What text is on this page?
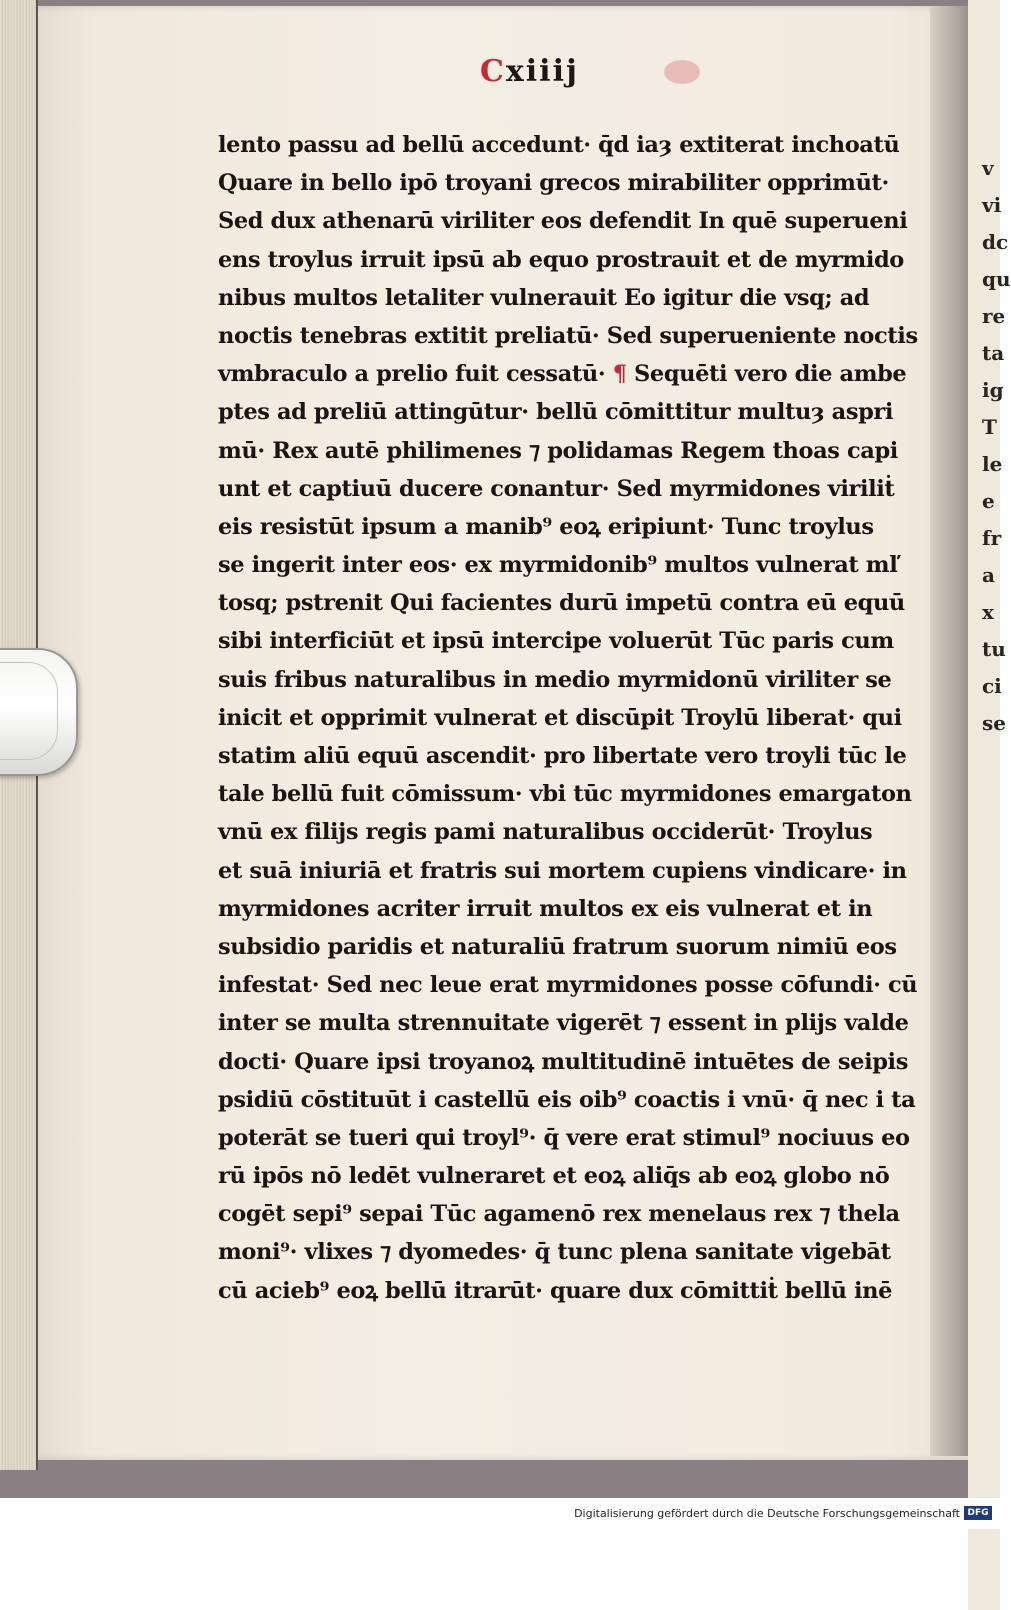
v
vi
dc
qu
re
ta
ig
T
le
e
fr
a
x
tu
ci
se
Cxiiij
lento passu ad bellū accedunt· q̄d iaȝ extiterat inchoatū
Quare in bello ipō troyani grecos mirabiliter opprimūt·
Sed dux athenarū viriliter eos defendit In quē superueni
ens troylus irruit ipsū ab equo prostrauit et de myrmido
nibus multos letaliter vulnerauit Eo igitur die vsq; ad
noctis tenebras extitit preliatū· Sed superueniente noctis
vmbraculo a prelio fuit cessatū· ¶ Sequēti vero die ambe
ptes ad preliū attingūtur· bellū cōmittitur multuȝ aspri
mū· Rex autē philimenes ⁊ polidamas Regem thoas capi
unt et captiuū ducere conantur· Sed myrmidones viriliṫ
eis resistūt ipsum a manib⁹ eoꝝ eripiunt· Tunc troylus
se ingerit inter eos· ex myrmidonib⁹ multos vulnerat mľ
tosq; pstrenit Qui facientes durū impetū contra eū equū
sibi interficiūt et ipsū intercipe voluerūt Tūc paris cum
suis fribus naturalibus in medio myrmidonū viriliter se
inicit et opprimit vulnerat et discūpit Troylū liberat· qui
statim aliū equū ascendit· pro libertate vero troyli tūc le
tale bellū fuit cōmissum· vbi tūc myrmidones emargaton
vnū ex filijs regis pami naturalibus occiderūt· Troylus
et suā iniuriā et fratris sui mortem cupiens vindicare· in
myrmidones acriter irruit multos ex eis vulnerat et in
subsidio paridis et naturaliū fratrum suorum nimiū eos
infestat· Sed nec leue erat myrmidones posse cōfundi· cū
inter se multa strennuitate vigerēt ⁊ essent in plijs valde
docti· Quare ipsi troyanoꝝ multitudinē intuētes de seipis
psidiū cōstituūt i castellū eis oib⁹ coactis i vnū· q̄ nec i ta
poterāt se tueri qui troyl⁹· q̄ vere erat stimul⁹ nociuus eo
rū ipōs nō ledēt vulneraret et eoꝝ aliq̄s ab eoꝝ globo nō
cogēt sepi⁹ sepai Tūc agamenō rex menelaus rex ⁊ thela
moni⁹· vlixes ⁊ dyomedes· q̄ tunc plena sanitate vigebāt
cū acieb⁹ eoꝝ bellū itrarūt· quare dux cōmittiṫ bellū inē
Digitalisierung gefördert durch die Deutsche Forschungsgemeinschaft DFG
